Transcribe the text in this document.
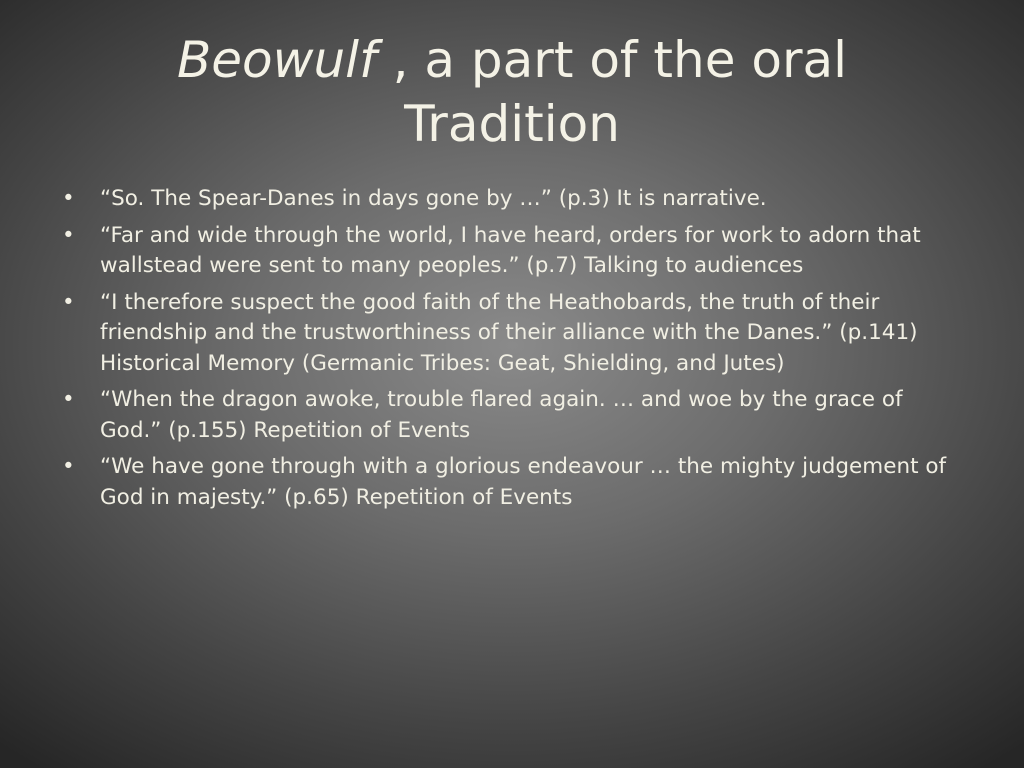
Beowulf , a part of the oral
Tradition
•	“So. The Spear-Danes in days gone by …” (p.3) It is narrative.
•	“Far and wide through the world, I have heard, orders for work to adorn that wallstead were sent to many peoples.” (p.7) Talking to audiences
•	“I therefore suspect the good faith of the Heathobards, the truth of their friendship and the trustworthiness of their alliance with the Danes.” (p.141) Historical Memory (Germanic Tribes: Geat, Shielding, and Jutes)
•	“When the dragon awoke, trouble flared again. … and woe by the grace of God.” (p.155) Repetition of Events
•	“We have gone through with a glorious endeavour … the mighty judgement of God in majesty.” (p.65) Repetition of Events
